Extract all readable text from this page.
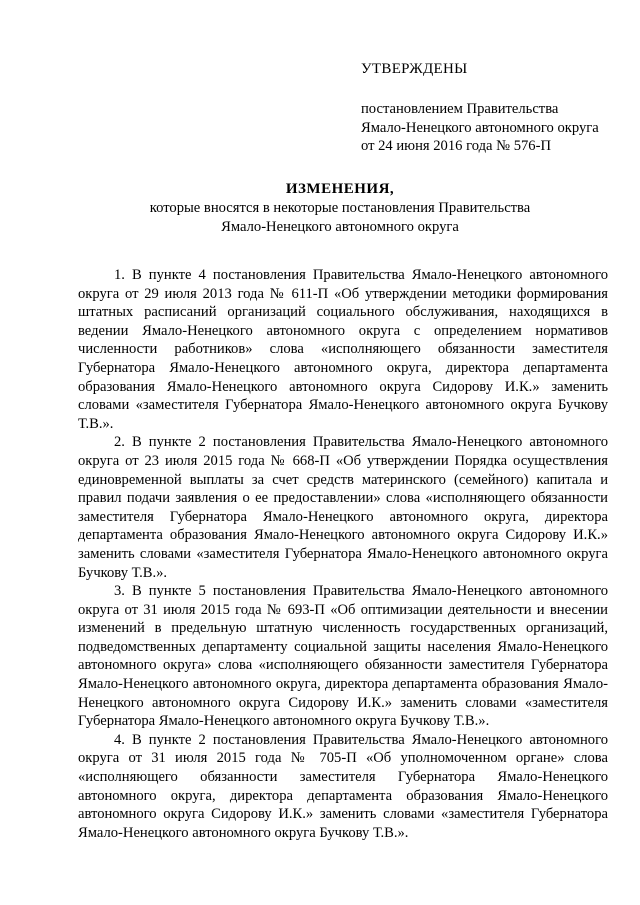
УТВЕРЖДЕНЫ
постановлением Правительства
Ямало-Ненецкого автономного округа
от 24 июня 2016 года № 576-П
ИЗМЕНЕНИЯ,
которые вносятся в некоторые постановления Правительства
Ямало-Ненецкого автономного округа

1. В пункте 4 постановления Правительства Ямало-Ненецкого автономного округа от 29 июля 2013 года № 611-П «Об утверждении методики формирования штатных расписаний организаций социального обслуживания, находящихся в ведении Ямало-Ненецкого автономного округа с определением нормативов численности работников» слова «исполняющего обязанности заместителя Губернатора Ямало-Ненецкого автономного округа, директора департамента образования Ямало-Ненецкого автономного округа Сидорову И.К.» заменить словами «заместителя Губернатора Ямало-Ненецкого автономного округа Бучкову Т.В.».

2. В пункте 2 постановления Правительства Ямало-Ненецкого автономного округа от 23 июля 2015 года № 668-П «Об утверждении Порядка осуществления единовременной выплаты за счет средств материнского (семейного) капитала и правил подачи заявления о ее предоставлении» слова «исполняющего обязанности заместителя Губернатора Ямало-Ненецкого автономного округа, директора департамента образования Ямало-Ненецкого автономного округа Сидорову И.К.» заменить словами «заместителя Губернатора Ямало-Ненецкого автономного округа Бучкову Т.В.».

3. В пункте 5 постановления Правительства Ямало-Ненецкого автономного округа от 31 июля 2015 года № 693-П «Об оптимизации деятельности и внесении изменений в предельную штатную численность государственных организаций, подведомственных департаменту социальной защиты населения Ямало-Ненецкого автономного округа» слова «исполняющего обязанности заместителя Губернатора Ямало-Ненецкого автономного округа, директора департамента образования Ямало-Ненецкого автономного округа Сидорову И.К.» заменить словами «заместителя Губернатора Ямало-Ненецкого автономного округа Бучкову Т.В.».

4. В пункте 2 постановления Правительства Ямало-Ненецкого автономного округа от 31 июля 2015 года № 705-П «Об уполномоченном органе» слова «исполняющего обязанности заместителя Губернатора Ямало-Ненецкого автономного округа, директора департамента образования Ямало-Ненецкого автономного округа Сидорову И.К.» заменить словами «заместителя Губернатора Ямало-Ненецкого автономного округа Бучкову Т.В.».
